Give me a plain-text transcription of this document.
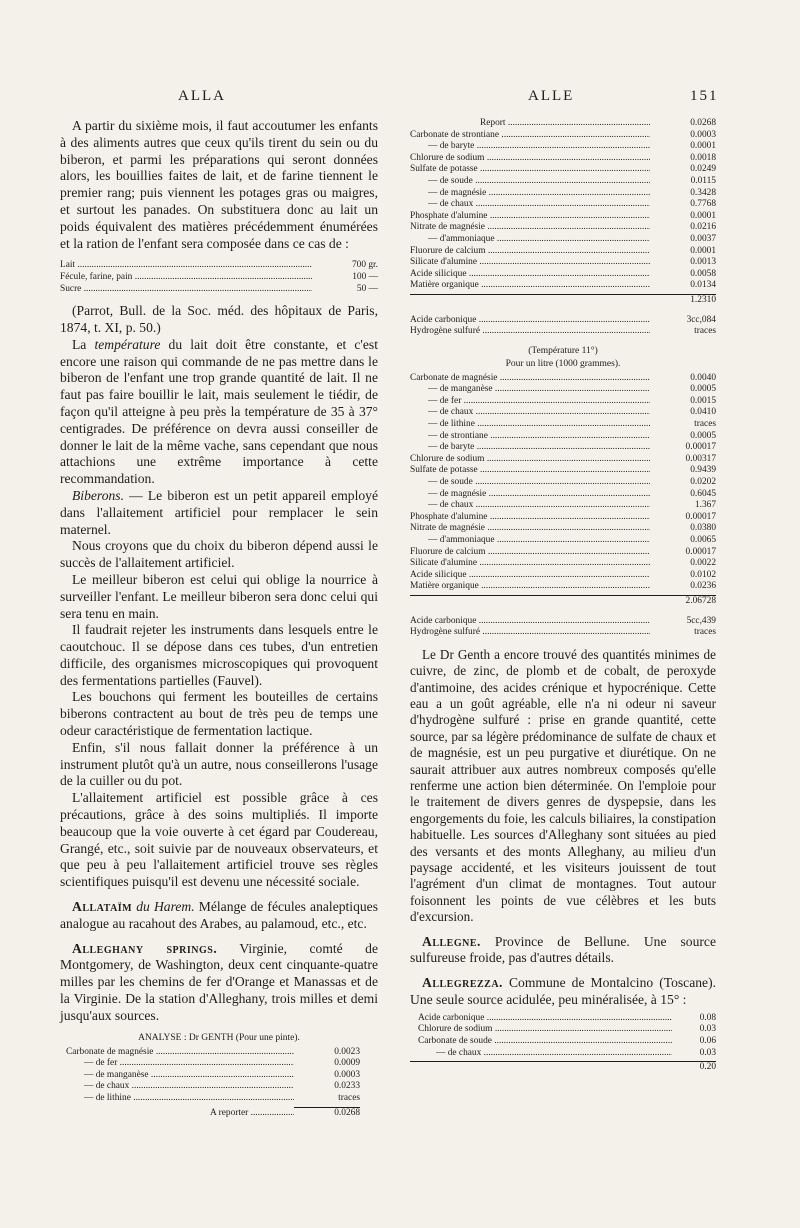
ALLA	ALLE	151

A partir du sixième mois, il faut accoutumer les enfants à des aliments autres que ceux qu'ils tirent du sein ou du biberon, et parmi les préparations qui seront données alors, les bouillies faites de lait, et de farine tiennent le premier rang; puis viennent les potages gras ou maigres, et surtout les panades. On substituera donc au lait un poids équivalent des matières précédemment énumérées et la ration de l'enfant sera composée dans ce cas de :

Lait .....	700 gr.
Fécule, farine, pain .....	100 —
Sucre .....	50 —

(Parrot, Bull. de la Soc. méd. des hôpitaux de Paris, 1874, t. XI, p. 50.)

La température du lait doit être constante, et c'est encore une raison qui commande de ne pas mettre dans le biberon de l'enfant une trop grande quantité de lait. Il ne faut pas faire bouillir le lait, mais seulement le tiédir, de façon qu'il atteigne à peu près la température de 35 à 37° centigrades. De préférence on devra aussi conseiller de donner le lait de la même vache, sans cependant que nous attachions une extrême importance à cette recommandation.

Biberons. — Le biberon est un petit appareil employé dans l'allaitement artificiel pour remplacer le sein maternel.

Nous croyons que du choix du biberon dépend aussi le succès de l'allaitement artificiel.

Le meilleur biberon est celui qui oblige la nourrice à surveiller l'enfant. Le meilleur biberon sera donc celui qui sera tenu en main.

Il faudrait rejeter les instruments dans lesquels entre le caoutchouc. Il se dépose dans ces tubes, d'un entretien difficile, des organismes microscopiques qui provoquent des fermentations partielles (Fauvel).

Les bouchons qui ferment les bouteilles de certains biberons contractent au bout de très peu de temps une odeur caractéristique de fermentation lactique.

Enfin, s'il nous fallait donner la préférence à un instrument plutôt qu'à un autre, nous conseillerons l'usage de la cuiller ou du pot.

L'allaitement artificiel est possible grâce à ces précautions, grâce à des soins multipliés. Il importe beaucoup que la voie ouverte à cet égard par Coudereau, Grangé, etc., soit suivie par de nouveaux observateurs, et que peu à peu l'allaitement artificiel trouve ses règles scientifiques puisqu'il est devenu une nécessité sociale.

Allataïm du Harem. Mélange de fécules analeptiques analogue au racahout des Arabes, au palamoud, etc., etc.

Alleghany springs. Virginie, comté de Montgomery, de Washington, deux cent cinquante-quatre milles par les chemins de fer d'Orange et Manassas et de la Virginie. De la station d'Alleghany, trois milles et demi jusqu'aux sources.

ANALYSE : Dr GENTH (Pour une pinte).
Carbonate de magnésie .....	0.0023
— de fer .....	0.0009
— de manganèse .....	0.0003
— de chaux .....	0.0233
— de lithine .....	traces
A reporter .....	0.0268
Report .....	0.0268
Carbonate de strontiane .....	0.0003
— de baryte .....	0.0001
Chlorure de sodium .....	0.0018
Sulfate de potasse .....	0.0249
— de soude .....	0.0115
— de magnésie .....	0.3428
— de chaux .....	0.7768
Phosphate d'alumine .....	0.0001
Nitrate de magnésie .....	0.0216
— d'ammoniaque .....	0.0037
Fluorure de calcium .....	0.0001
Silicate d'alumine .....	0.0013
Acide silicique .....	0.0058
Matière organique .....	0.0134
1.2310
Acide carbonique .....	3cc,084
Hydrogène sulfuré .....	traces
(Température 11°)
Pour un litre (1000 grammes).
Carbonate de magnésie .....	0.0040
— de manganèse .....	0.0005
— de fer .....	0.0015
— de chaux .....	0.0410
— de lithine .....	traces
— de strontiane .....	0.0005
— de baryte .....	0.00017
Chlorure de sodium .....	0.00317
Sulfate de potasse .....	0.9439
— de soude .....	0.0202
— de magnésie .....	0.6045
— de chaux .....	1.367
Phosphate d'alumine .....	0.00017
Nitrate de magnésie .....	0.0380
— d'ammoniaque .....	0.0065
Fluorure de calcium .....	0.00017
Silicate d'alumine .....	0.0022
Acide silicique .....	0.0102
Matière organique .....	0.0236
2.06728
Acide carbonique .....	5cc,439
Hydrogène sulfuré .....	traces

Le Dr Genth a encore trouvé des quantités minimes de cuivre, de zinc, de plomb et de cobalt, de peroxyde d'antimoine, des acides crénique et hypocrénique. Cette eau a un goût agréable, elle n'a ni odeur ni saveur d'hydrogène sulfuré : prise en grande quantité, cette source, par sa légère prédominance de sulfate de chaux et de magnésie, est un peu purgative et diurétique. On ne saurait attribuer aux autres nombreux composés qu'elle renferme une action bien déterminée. On l'emploie pour le traitement de divers genres de dyspepsie, dans les engorgements du foie, les calculs biliaires, la constipation habituelle. Les sources d'Alleghany sont situées au pied des versants et des monts Alleghany, au milieu d'un paysage accidenté, et les visiteurs jouissent de tout l'agrément d'un climat de montagnes. Tout autour foisonnent les points de vue célèbres et les buts d'excursion.

Allegne. Province de Bellune. Une source sulfureuse froide, pas d'autres détails.

Allegrezza. Commune de Montalcino (Toscane). Une seule source acidulée, peu minéralisée, à 15° :

Acide carbonique .....	0.08
Chlorure de sodium .....	0.03
Carbonate de soude .....	0.06
— de chaux .....	0.03
0.20
